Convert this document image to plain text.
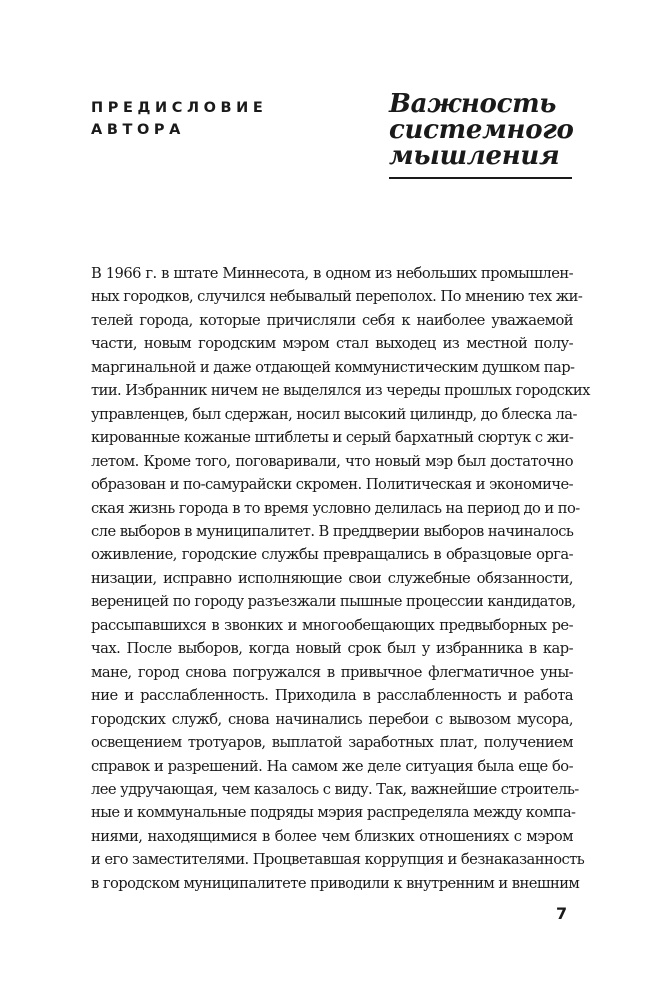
ПРЕДИСЛОВИЕ
АВТОРА
Важность
системного
мышления
В 1966 г. в штате Миннесота, в одном из небольших промышлен-
ных городков, случился небывалый переполох. По мнению тех жи-
телей города, которые причисляли себя к наиболее уважаемой
части, новым городским мэром стал выходец из местной полу-
маргинальной и даже отдающей коммунистическим душком пар-
тии. Избранник ничем не выделялся из череды прошлых городских
управленцев, был сдержан, носил высокий цилиндр, до блеска ла-
кированные кожаные штиблеты и серый бархатный сюртук с жи-
летом. Кроме того, поговаривали, что новый мэр был достаточно
образован и по-самурайски скромен. Политическая и экономиче-
ская жизнь города в то время условно делилась на период до и по-
сле выборов в муниципалитет. В преддверии выборов начиналось
оживление, городские службы превращались в образцовые орга-
низации, исправно исполняющие свои служебные обязанности,
вереницей по городу разъезжали пышные процессии кандидатов,
рассыпавшихся в звонких и многообещающих предвыборных ре-
чах. После выборов, когда новый срок был у избранника в кар-
мане, город снова погружался в привычное флегматичное уны-
ние и расслабленность. Приходила в расслабленность и работа
городских служб, снова начинались перебои с вывозом мусора,
освещением тротуаров, выплатой заработных плат, получением
справок и разрешений. На самом же деле ситуация была еще бо-
лее удручающая, чем казалось с виду. Так, важнейшие строитель-
ные и коммунальные подряды мэрия распределяла между компа-
ниями, находящимися в более чем близких отношениях с мэром
и его заместителями. Процветавшая коррупция и безнаказанность
в городском муниципалитете приводили к внутренним и внешним
7
